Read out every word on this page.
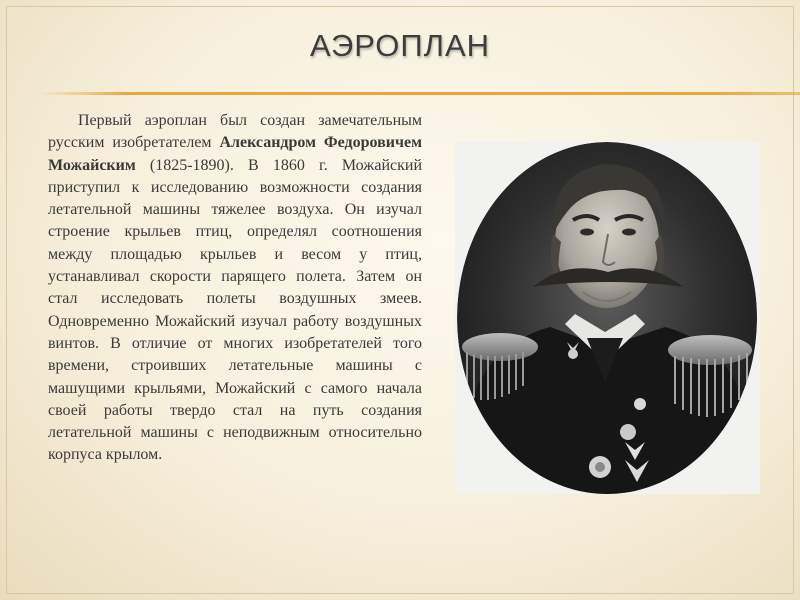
АЭРОПЛАН

Первый аэроплан был создан замечательным русским изобретателем Александром Федоровичем Можайским (1825-1890). В 1860 г. Можайский приступил к исследованию возможности создания летательной машины тяжелее воздуха. Он изучал строение крыльев птиц, определял соотношения между площадью крыльев и весом у птиц, устанавливал скорости парящего полета. Затем он стал исследовать полеты воздушных змеев. Одновременно Можайский изучал работу воздушных винтов. В отличие от многих изобретателей того времени, строивших летательные машины с машущими крыльями, Можайский с самого начала своей работы твердо стал на путь создания летательной машины с неподвижным относительно корпуса крылом.
